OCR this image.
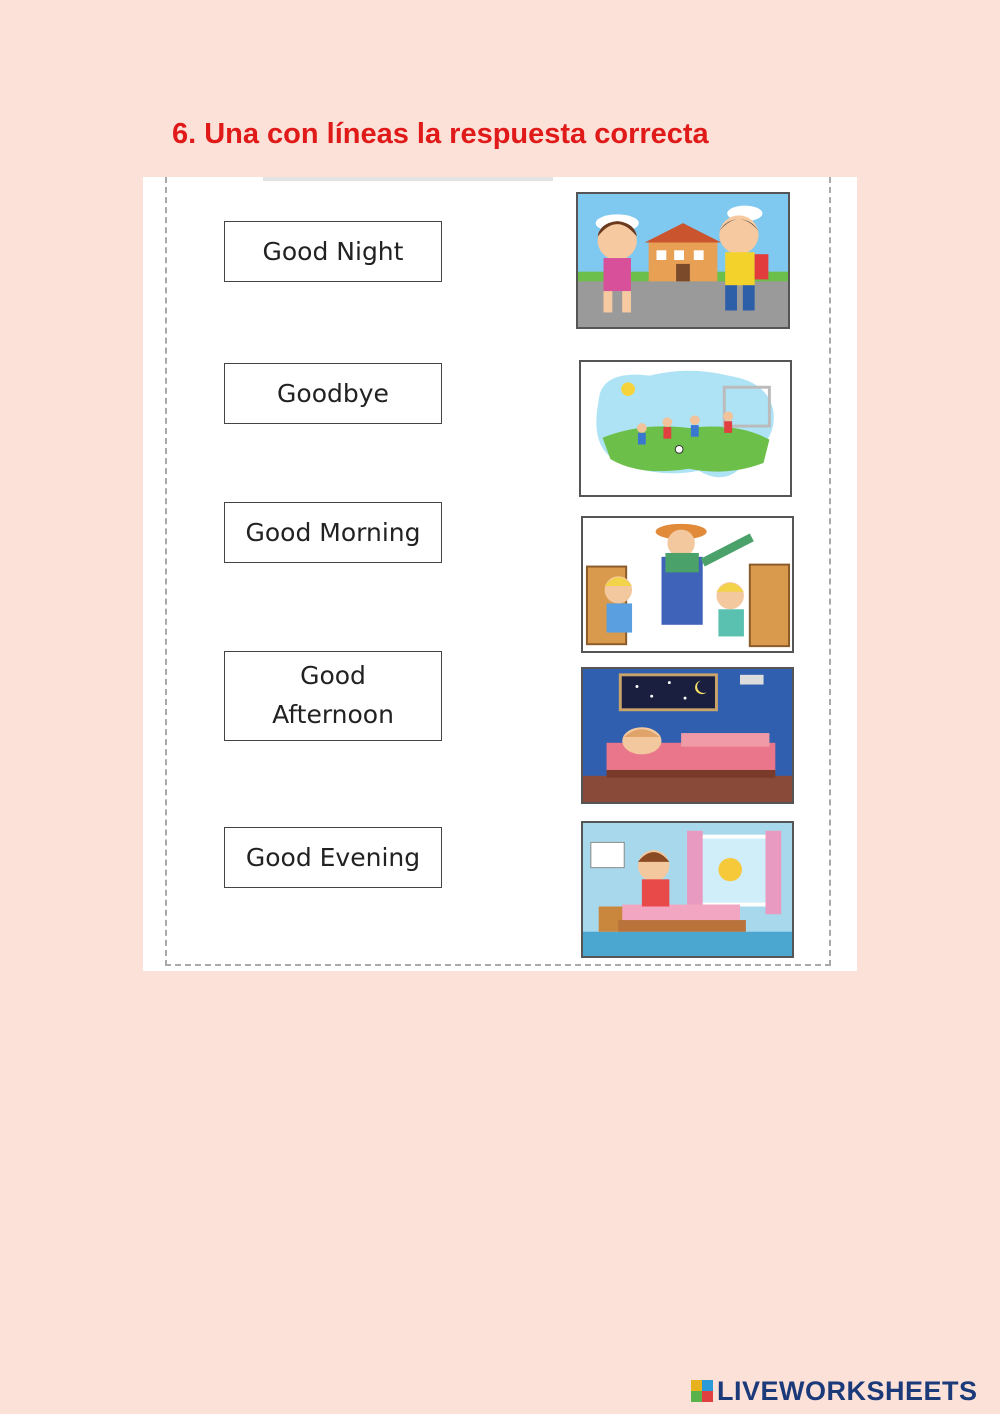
6. Una con líneas la respuesta correcta
Good Night
Goodbye
Good Morning
Good
Afternoon
Good Evening
LIVEWORKSHEETS
